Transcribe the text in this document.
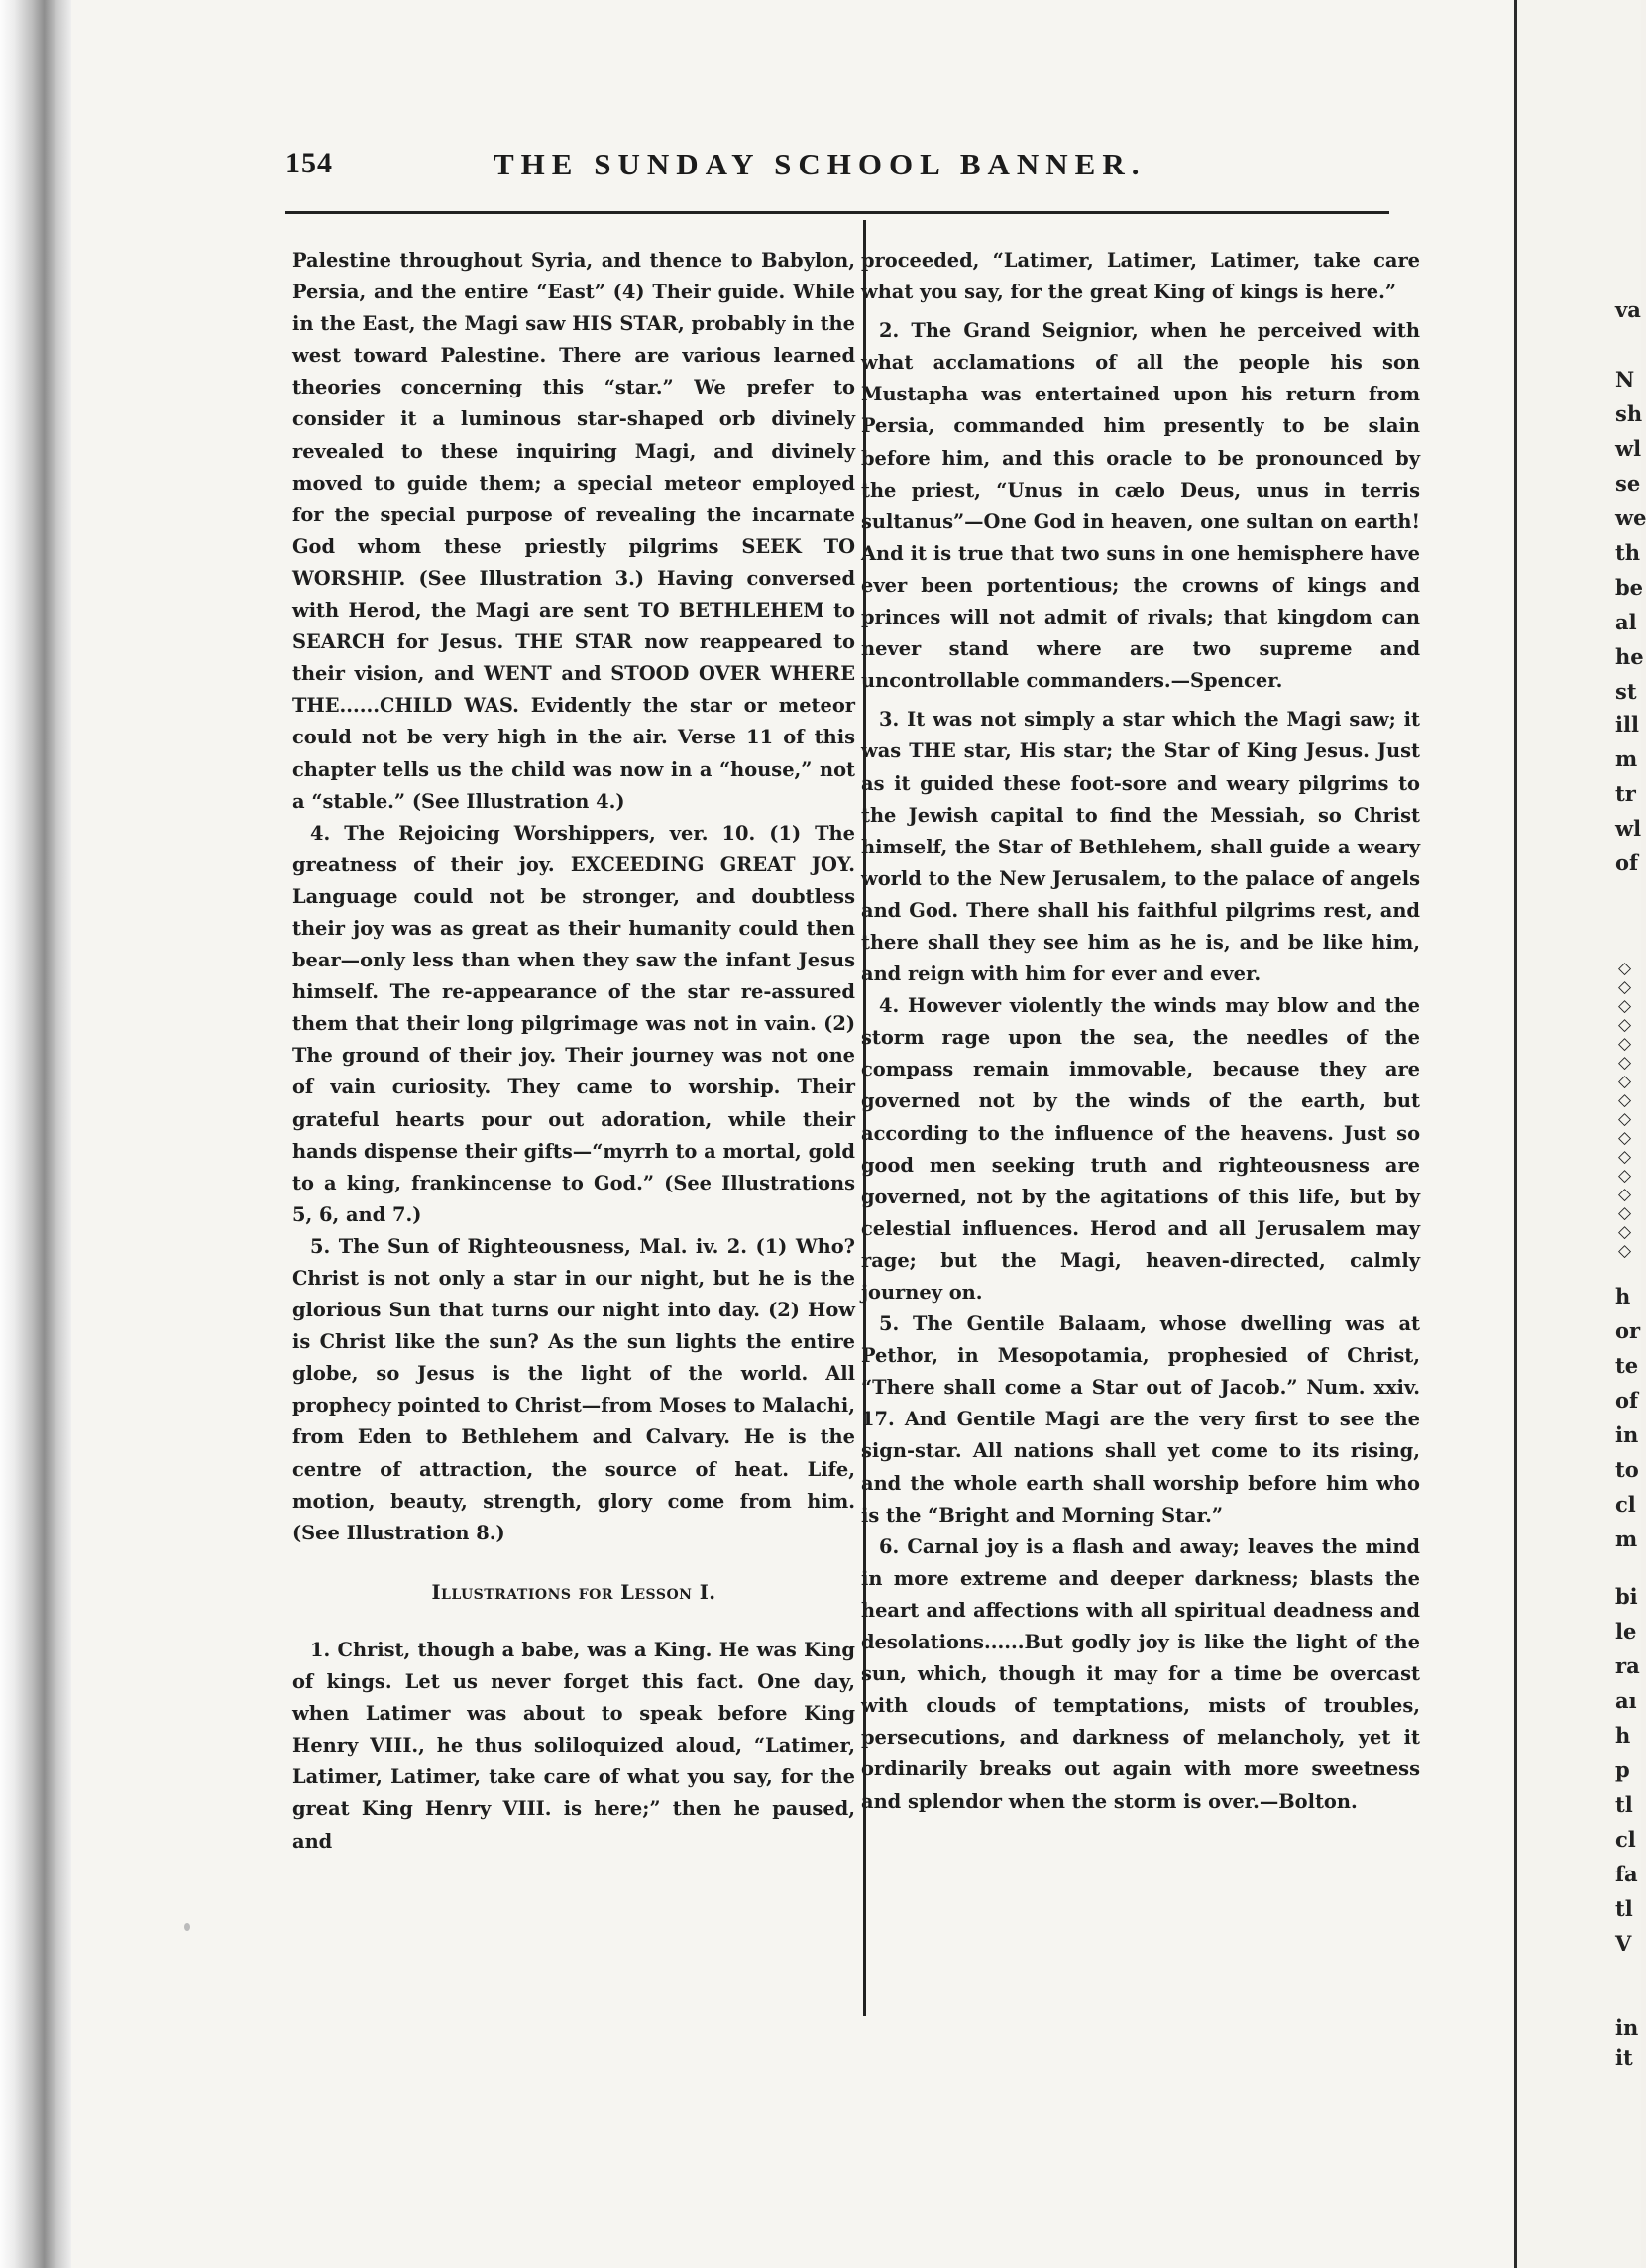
154	THE SUNDAY SCHOOL BANNER.

Palestine throughout Syria, and thence to Babylon, Persia, and the entire “East” (4) Their guide. While in the East, the Magi saw HIS STAR, probably in the west toward Palestine. There are various learned theories concerning this “star.” We prefer to consider it a luminous star-shaped orb divinely revealed to these inquiring Magi, and divinely moved to guide them; a special meteor employed for the special purpose of revealing the incarnate God whom these priestly pilgrims SEEK TO WORSHIP. (See Illustration 3.) Having conversed with Herod, the Magi are sent TO BETHLEHEM to SEARCH for Jesus. THE STAR now reappeared to their vision, and WENT and STOOD OVER WHERE THE......CHILD WAS. Evidently the star or meteor could not be very high in the air. Verse 11 of this chapter tells us the child was now in a “house,” not a “stable.” (See Illustration 4.)

4. The Rejoicing Worshippers, ver. 10. (1) The greatness of their joy. EXCEEDING GREAT JOY. Language could not be stronger, and doubtless their joy was as great as their humanity could then bear—only less than when they saw the infant Jesus himself. The re-appearance of the star re-assured them that their long pilgrimage was not in vain. (2) The ground of their joy. Their journey was not one of vain curiosity. They came to worship. Their grateful hearts pour out adoration, while their hands dispense their gifts—“myrrh to a mortal, gold to a king, frankincense to God.” (See Illustrations 5, 6, and 7.)

5. The Sun of Righteousness, Mal. iv. 2. (1) Who? Christ is not only a star in our night, but he is the glorious Sun that turns our night into day. (2) How is Christ like the sun? As the sun lights the entire globe, so Jesus is the light of the world. All prophecy pointed to Christ—from Moses to Malachi, from Eden to Bethlehem and Calvary. He is the centre of attraction, the source of heat. Life, motion, beauty, strength, glory come from him. (See Illustration 8.)

Illustrations for Lesson I.

1. Christ, though a babe, was a King. He was King of kings. Let us never forget this fact. One day, when Latimer was about to speak before King Henry VIII., he thus soliloquized aloud, “Latimer, Latimer, Latimer, take care of what you say, for the great King Henry VIII. is here;” then he paused, and

proceeded, “Latimer, Latimer, Latimer, take care what you say, for the great King of kings is here.”

2. The Grand Seignior, when he perceived with what acclamations of all the people his son Mustapha was entertained upon his return from Persia, commanded him presently to be slain before him, and this oracle to be pronounced by the priest, “Unus in cælo Deus, unus in terris sultanus”—One God in heaven, one sultan on earth! And it is true that two suns in one hemisphere have ever been portentious; the crowns of kings and princes will not admit of rivals; that kingdom can never stand where are two supreme and uncontrollable commanders.—Spencer.

3. It was not simply a star which the Magi saw; it was THE star, His star; the Star of King Jesus. Just as it guided these foot-sore and weary pilgrims to the Jewish capital to find the Messiah, so Christ himself, the Star of Bethlehem, shall guide a weary world to the New Jerusalem, to the palace of angels and God. There shall his faithful pilgrims rest, and there shall they see him as he is, and be like him, and reign with him for ever and ever.

4. However violently the winds may blow and the storm rage upon the sea, the needles of the compass remain immovable, because they are governed not by the winds of the earth, but according to the influence of the heavens. Just so good men seeking truth and righteousness are governed, not by the agitations of this life, but by celestial influences. Herod and all Jerusalem may rage; but the Magi, heaven-directed, calmly journey on.

5. The Gentile Balaam, whose dwelling was at Pethor, in Mesopotamia, prophesied of Christ, “There shall come a Star out of Jacob.” Num. xxiv. 17. And Gentile Magi are the very first to see the sign-star. All nations shall yet come to its rising, and the whole earth shall worship before him who is the “Bright and Morning Star.”

6. Carnal joy is a flash and away; leaves the mind in more extreme and deeper darkness; blasts the heart and affections with all spiritual deadness and desolations......But godly joy is like the light of the sun, which, though it may for a time be overcast with clouds of temptations, mists of troubles, persecutions, and darkness of melancholy, yet it ordinarily breaks out again with more sweetness and splendor when the storm is over.—Bolton.

va
N
sh
wl
se
we
th
be
al
he
st
ill
m
tr
wl
of
h
or
te
of
in
to
cl
m
bi
le
ra
aı
h
p
tl
cl
fa
tl
V
in
it
◇◇◇◇◇◇◇◇◇◇◇◇◇◇◇◇
